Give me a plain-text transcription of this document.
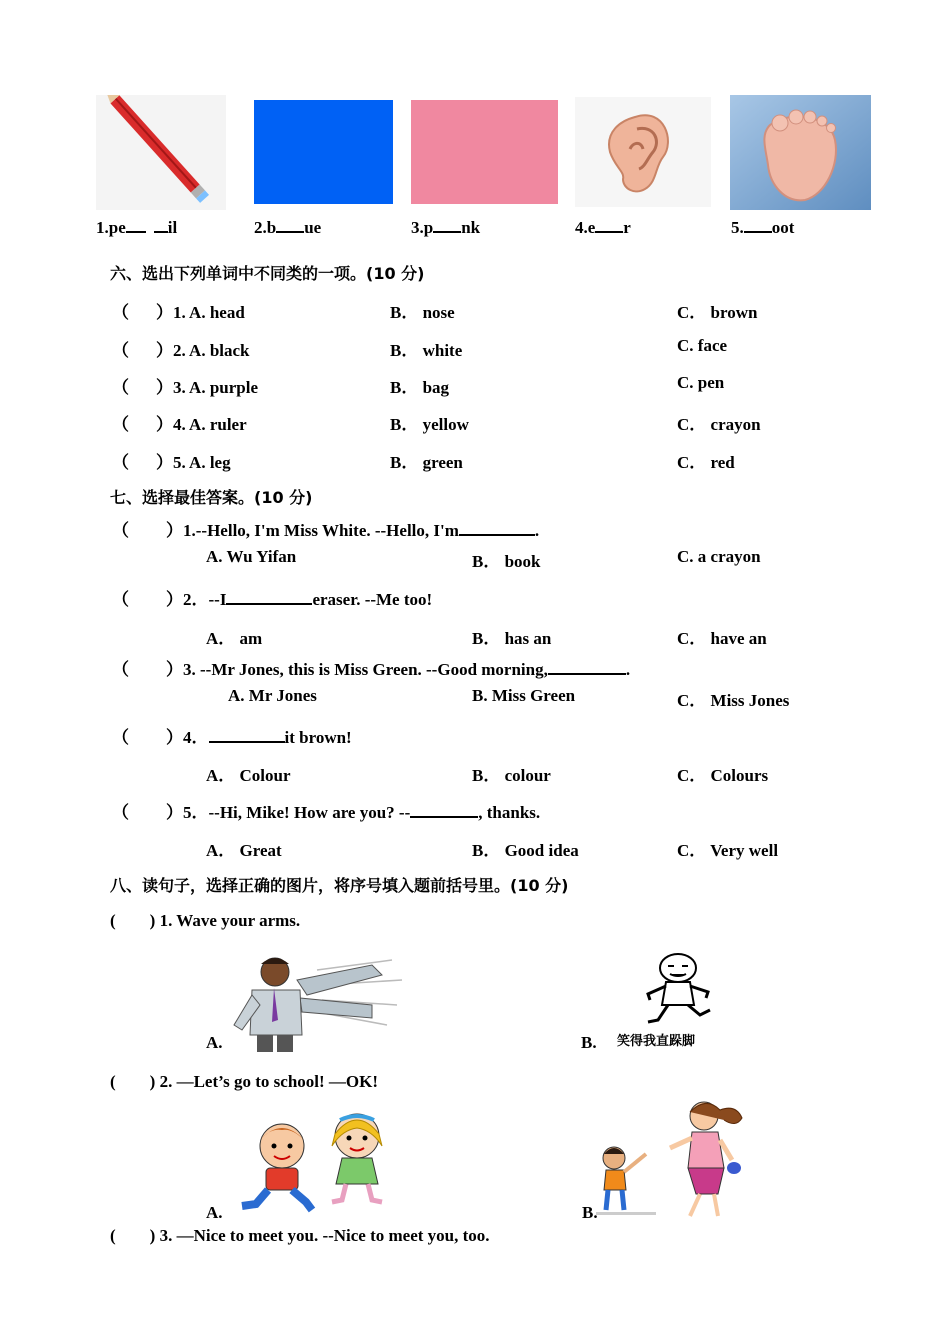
1.pe il	2.b ue	3.p nk	4.e r	5. oot
六、选出下列单词中不同类的一项。(10 分)
（ ）1. A. head	B． nose	C． brown
（ ）2. A. black	B． white	C. face
（ ）3. A. purple	B． bag	C. pen
（ ）4. A. ruler	B． yellow	C． crayon
（ ）5. A. leg	B． green	C． red
七、选择最佳答案。(10 分)
（ ）1.--Hello, I'm Miss White. --Hello, I'm	.
A. Wu Yifan	B． book	C. a crayon
（ ）2．--I	eraser. --Me too!
A． am	B． has an	C． have an
（ ）3. --Mr Jones, this is Miss Green. --Good morning,	.
A. Mr Jones	B. Miss Green	C． Miss Jones
（ ）4．	it brown!
A． Colour	B． colour	C． Colours
（ ）5．--Hi, Mike! How are you? --	, thanks.
A． Great	B． Good idea	C． Very well
八、读句子，选择正确的图片，将序号填入题前括号里。(10 分)
(        ) 1. Wave your arms.
A.	笑得我直跺脚
B.
(        ) 2. —Let’s go to school! —OK!
A.	B.
(        ) 3. —Nice to meet you. --Nice to meet you, too.
